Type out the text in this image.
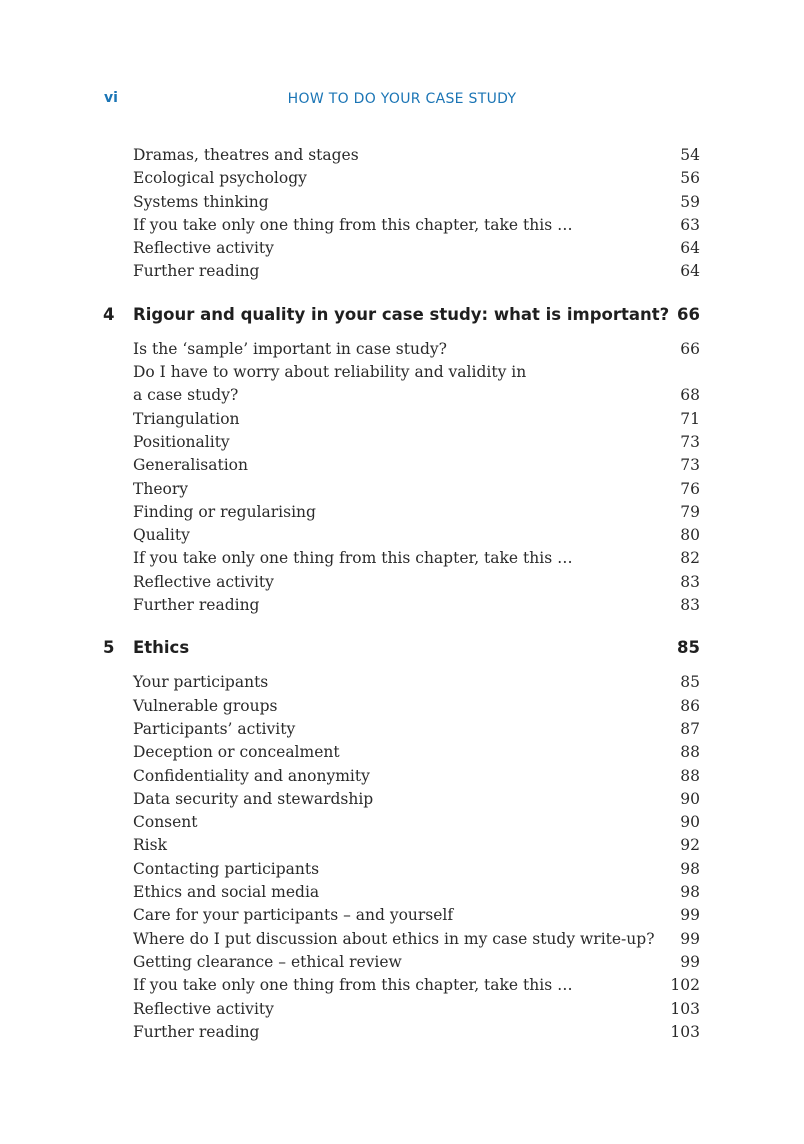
vi	HOW TO DO YOUR CASE STUDY
Dramas, theatres and stages	54
Ecological psychology	56
Systems thinking	59
If you take only one thing from this chapter, take this …	63
Reflective activity	64
Further reading	64
4 Rigour and quality in your case study: what is important? 66
Is the ‘sample’ important in case study?	66
Do I have to worry about reliability and validity in a case study?	68
Triangulation	71
Positionality	73
Generalisation	73
Theory	76
Finding or regularising	79
Quality	80
If you take only one thing from this chapter, take this …	82
Reflective activity	83
Further reading	83
5 Ethics	85
Your participants	85
Vulnerable groups	86
Participants’ activity	87
Deception or concealment	88
Confidentiality and anonymity	88
Data security and stewardship	90
Consent	90
Risk	92
Contacting participants	98
Ethics and social media	98
Care for your participants – and yourself	99
Where do I put discussion about ethics in my case study write-up? 99
Getting clearance – ethical review	99
If you take only one thing from this chapter, take this …	102
Reflective activity	103
Further reading	103
